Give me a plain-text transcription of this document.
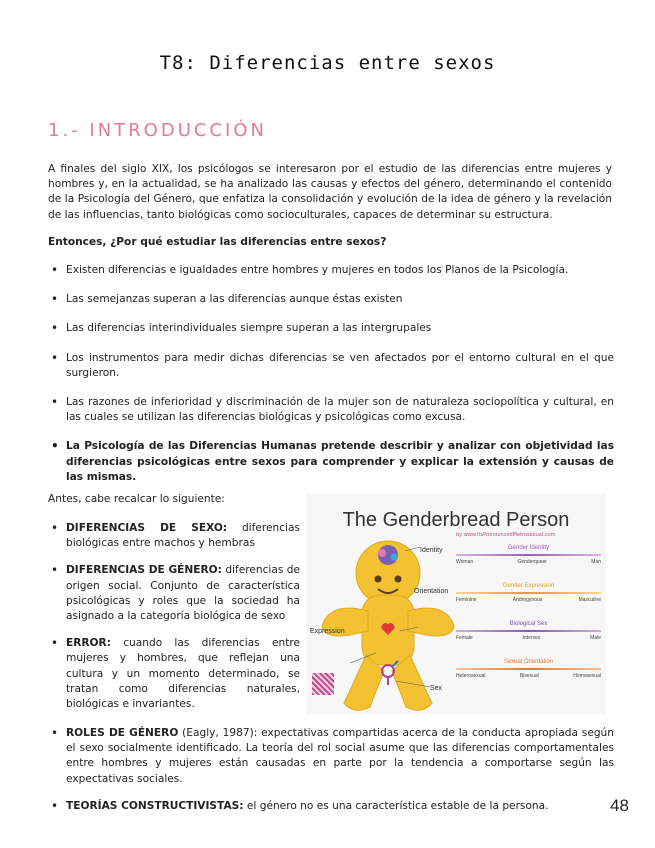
T8: Diferencias entre sexos
1.- INTRODUCCIÓN
A finales del siglo XIX, los psicólogos se interesaron por el estudio de las diferencias entre mujeres y hombres y, en la actualidad, se ha analizado las causas y efectos del género, determinando el contenido de la Psicología del Género, que enfatiza la consolidación y evolución de la idea de género y la revelación de las influencias, tanto biológicas como socioculturales, capaces de determinar su estructura.
Entonces, ¿Por qué estudiar las diferencias entre sexos?
• Existen diferencias e igualdades entre hombres y mujeres en todos los Planos de la Psicología.
• Las semejanzas superan a las diferencias aunque éstas existen
• Las diferencias interindividuales siempre superan a las intergrupales
• Los instrumentos para medir dichas diferencias se ven afectados por el entorno cultural en el que surgieron.
• Las razones de inferioridad y discriminación de la mujer son de naturaleza sociopolítica y cultural, en las cuales se utilizan las diferencias biológicas y psicológicas como excusa.
• La Psicología de las Diferencias Humanas pretende describir y analizar con objetividad las diferencias psicológicas entre sexos para comprender y explicar la extensión y causas de las mismas.
Antes, cabe recalcar lo siguiente:
• DIFERENCIAS DE SEXO: diferencias biológicas entre machos y hembras
• DIFERENCIAS DE GÉNERO: diferencias de origen social. Conjunto de característica psicológicas y roles que la sociedad ha asignado a la categoría biológica de sexo
• ERROR: cuando las diferencias entre mujeres y hombres, que reflejan una cultura y un momento determinado, se tratan como diferencias naturales, biológicas e invariantes.
• ROLES DE GÉNERO (Eagly, 1987): expectativas compartidas acerca de la conducta apropiada según el sexo socialmente identificado. La teoría del rol social asume que las diferencias comportamentales entre hombres y mujeres están causadas en parte por la tendencia a comportarse según las expectativas sociales.
• TEORÍAS CONSTRUCTIVISTAS: el género no es una característica estable de la persona.
The Genderbread Person
by www.ItsPronouncedMetrosexual.com
Identity
Orientation
Expression
Sex
Gender Identity
Woman	Genderqueer	Man
Gender Expression
Feminine	Androgynous	Masculine
Biological Sex
Female	Intersex	Male
Sexual Orientation
Heterosexual	Bisexual	Homosexual
48
